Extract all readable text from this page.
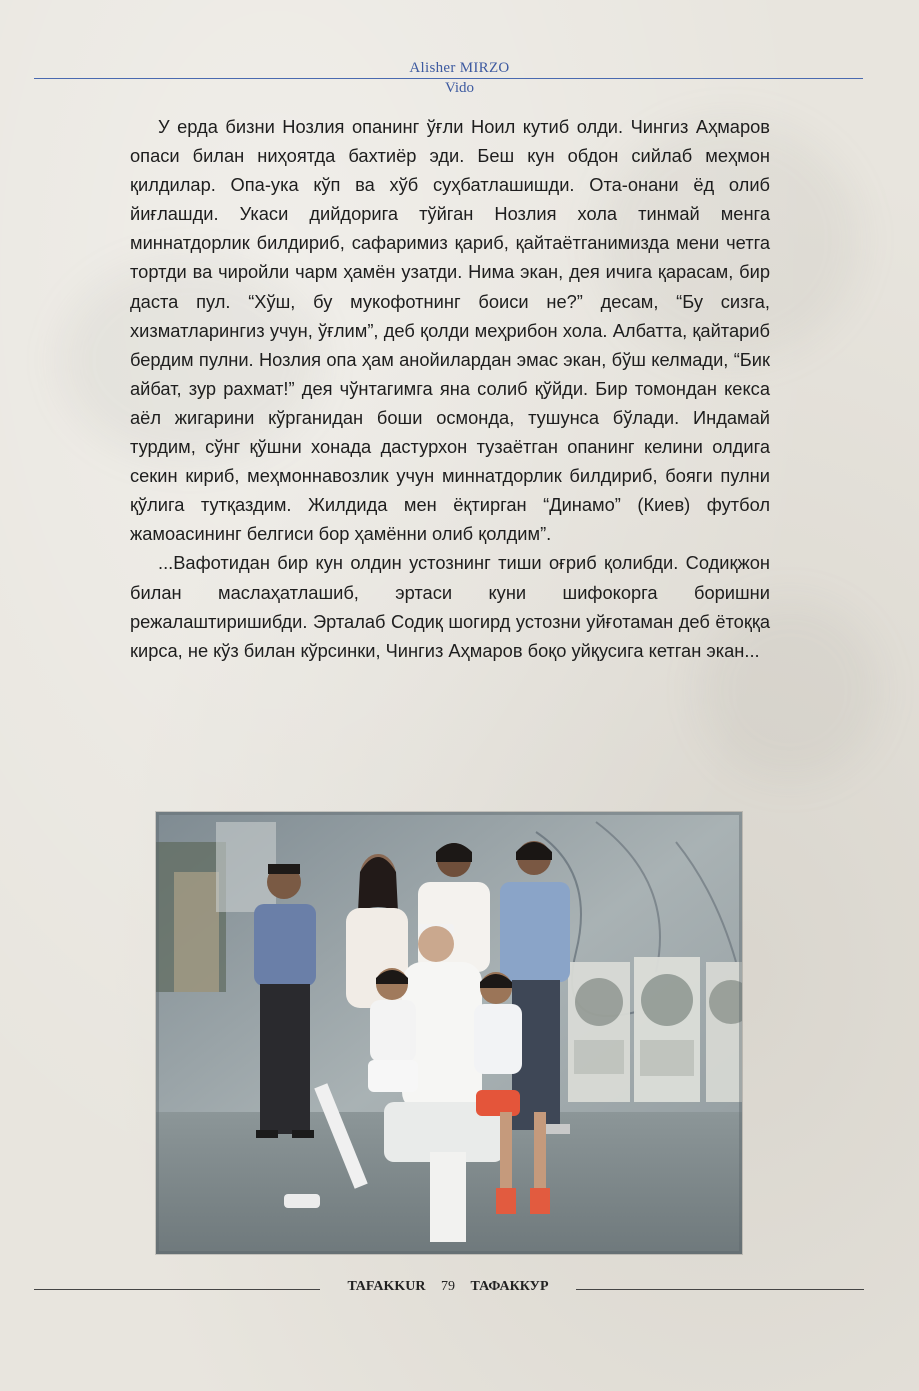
Alisher MIRZO
Vido

У ерда бизни Нозлия опанинг ўғли Ноил кутиб олди. Чингиз Аҳмаров опаси билан ниҳоятда бахтиёр эди. Беш кун обдон сийлаб меҳмон қилдилар. Опа-ука кўп ва хўб суҳбатлашишди. Ота-онани ёд олиб йиғлашди. Укаси дийдорига тўйган Нозлия хола тинмай менга миннатдорлик билдириб, сафаримиз қариб, қайтаётганимизда мени четга тортди ва чиройли чарм ҳамён узатди. Нима экан, дея ичига қарасам, бир даста пул. “Хўш, бу мукофотнинг боиси не?” десам, “Бу сизга, хизматларингиз учун, ўғлим”, деб қолди меҳрибон хола. Албатта, қайтариб бердим пулни. Нозлия опа ҳам анойилардан эмас экан, бўш келмади, “Бик айбат, зур рахмат!” дея чўнтагимга яна солиб қўйди. Бир томондан кекса аёл жигарини кўрганидан боши осмонда, тушунса бўлади. Индамай турдим, сўнг қўшни хонада дастурхон тузаётган опанинг келини олдига секин кириб, меҳмоннавозлик учун миннатдорлик билдириб, бояги пулни қўлига тутқаздим. Жилдида мен ёқтирган “Динамо” (Киев) футбол жамоасининг белгиси бор ҳамённи олиб қолдим”.

...Вафотидан бир кун олдин устознинг тиши оғриб қолибди. Содиқжон билан маслаҳатлашиб, эртаси куни шифокорга боришни режалаштиришибди. Эрталаб Содиқ шогирд устозни уйғотаман деб ётоққа кирса, не кўз билан кўрсинки, Чингиз Аҳмаров боқо уйқусига кетган экан...

TAFAKKUR 79 ТАФАККУР
